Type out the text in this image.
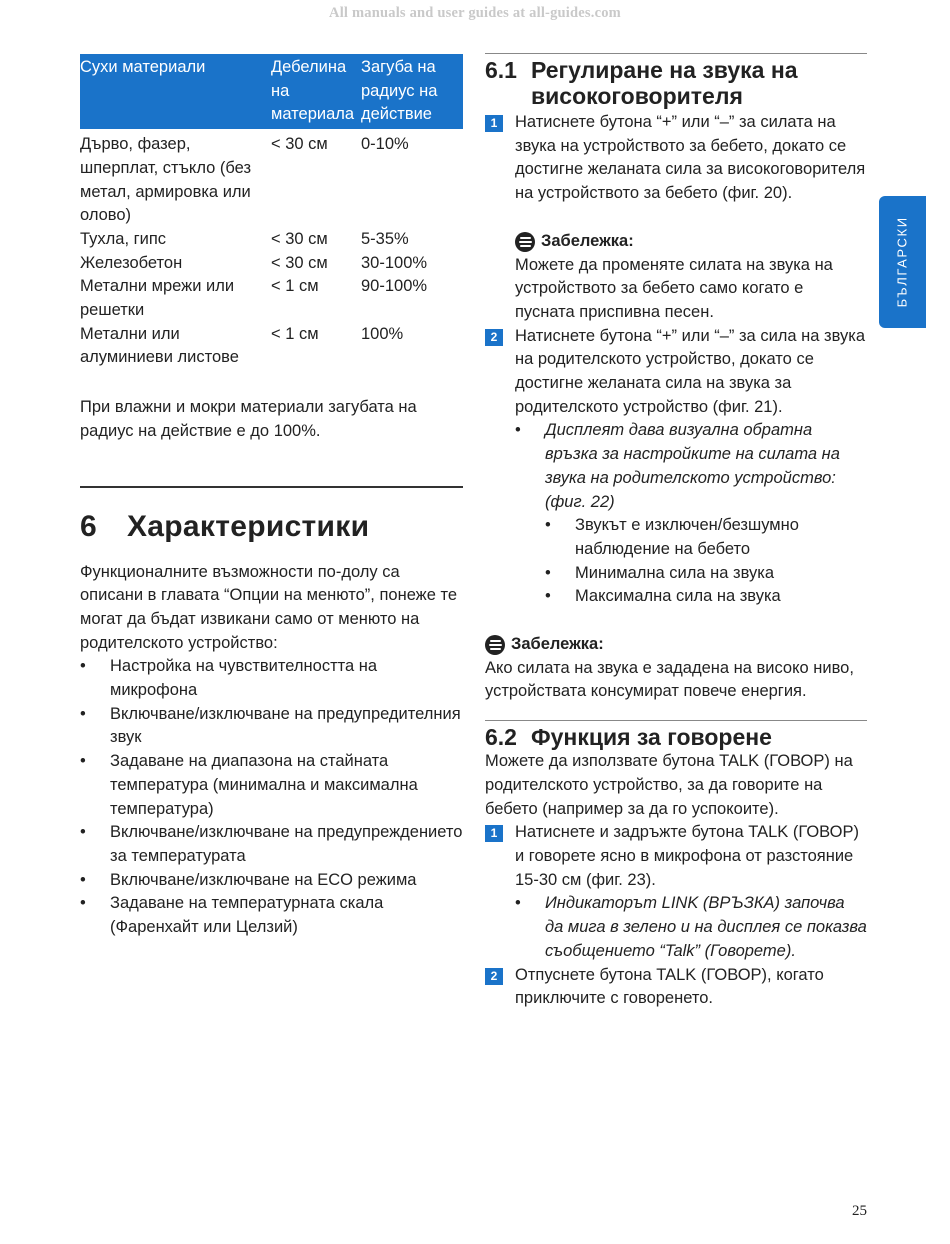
All manuals and user guides at all-guides.com
Сухи материали	Дебелина на материала	Загуба на радиус на действие
Дърво, фазер, шперплат, стъкло (без метал, армировка или олово)	< 30 см	0-10%
Тухла, гипс	< 30 см	5-35%
Железобетон	< 30 см	30-100%
Метални мрежи или решетки	< 1 см	90-100%
Метални или алуминиеви листове	< 1 см	100%

При влажни и мокри материали загубата на радиус на действие е до 100%.

6 Характеристики

Функционалните възможности по-долу са описани в главата “Опции на менюто”, понеже те могат да бъдат извикани само от менюто на родителското устройство:

• Настройка на чувствителността на микрофона
• Включване/изключване на предупредителния звук
• Задаване на диапазона на стайната температура (минимална и максимална температура)
• Включване/изключване на предупреждението за температурата
• Включване/изключване на ECO режима
• Задаване на температурната скала (Фаренхайт или Целзий)
6.1 Регулиране на звука на високоговорителя
1	Натиснете бутона “+” или “–” за силата на звука на устройството за бебето, докато се достигне желаната сила за високоговорителя на устройството за бебето (фиг. 20).
Забележка:
Можете да променяте силата на звука на устройството за бебето само когато е пусната приспивна песен.
2	Натиснете бутона “+” или “–” за сила на звука на родителското устройство, докато се достигне желаната сила на звука за родителското устройство (фиг. 21).
• Дисплеят дава визуална обратна връзка за настройките на силата на звука на родителското устройство: (фиг. 22)
• Звукът е изключен/безшумно наблюдение на бебето
• Минимална сила на звука
• Максимална сила на звука
Забележка:
Ако силата на звука е зададена на високо ниво, устройствата консумират повече енергия.
6.2 Функция за говорене

Можете да използвате бутона TALK (ГОВОР) на родителското устройство, за да говорите на бебето (например за да го успокоите).

1	Натиснете и задръжте бутона TALK (ГОВОР) и говорете ясно в микрофона от разстояние 15-30 см (фиг. 23).
• Индикаторът LINK (ВРЪЗКА) започва да мига в зелено и на дисплея се показва съобщението “Talk” (Говорете).
2	Отпуснете бутона TALK (ГОВОР), когато приключите с говоренето.
БЪЛГАРСКИ
25
